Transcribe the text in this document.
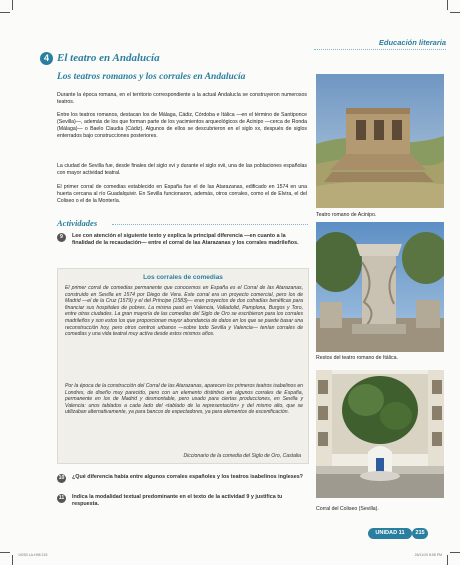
Educación literaria
4 El teatro en Andalucía
Los teatros romanos y los corrales en Andalucía

Durante la época romana, en el territorio correspondiente a la actual Andalucía se construyeron numerosos teatros.

Entre los teatros romanos, destacan los de Málaga, Cádiz, Córdoba e Itálica —en el término de Santiponce (Sevilla)—, además de los que forman parte de los yacimientos arqueológicos de Acinipo —cerca de Ronda (Málaga)— o Baelo Claudia (Cádiz). Algunos de ellos se descubrieron en el siglo xx, después de siglos enterrados bajo construcciones posteriores.

La ciudad de Sevilla fue, desde finales del siglo xvi y durante el siglo xvii, una de las poblaciones españolas con mayor actividad teatral.

El primer corral de comedias establecido en España fue el de las Atarazanas, edificado en 1574 en una huerta cercana al río Guadalquivir. En Sevilla funcionaron, además, otros corrales, como el de Elvira, el del Coliseo o el de la Montería.

Actividades
9	Lee con atención el siguiente texto y explica la principal diferencia —en cuanto a la finalidad de la recaudación— entre el corral de las Atarazanas y los corrales madrileños.

Los corrales de comedias

El primer corral de comedias permanente que conocemos en España es el Corral de las Atarazanas, construido en Sevilla en 1574 por Diego de Vera. Este corral era un proyecto comercial, pero los de Madrid —el de la Cruz (1579) y el del Príncipe (1583)— eran proyectos de dos cofradías benéficas para financiar sus hospitales de pobres. La misma pasó en Valencia, Valladolid, Pamplona, Burgos y Toro, entre otras ciudades. La gran mayoría de las comedias del Siglo de Oro se escribieron para los corrales madrileños y son estos los que proporcionan mayor abundancia de datos en los que se puede basar una reconstrucción hoy, pero otros centros urbanos —sobre todo Sevilla y Valencia— tenían corrales de comedias y una vida teatral muy activa desde estos mismos años.

Por la época de la construcción del Corral de las Atarazanas, aparecen los primeros teatros isabelinos en Londres, de diseño muy parecido, pero con un elemento distintivo en algunos corrales de España, permanente en los de Madrid y desmontable, pero usado para ciertas producciones, en Sevilla y Valencia: unos tablados a cada lado del «tablado de la representación» y del mismo alto, que se utilizaban alternativamente, ya para bancos de espectadores, ya para elementos de escenificación.

Diccionario de la comedia del Siglo de Oro, Castalia
10 ¿Qué diferencia había entre algunos corrales españoles y los teatros isabelinos ingleses?

11	Indica la modalidad textual predominante en el texto de la actividad 9 y justifica tu respuesta.

Teatro romano de Acinipo.
Restos del teatro romano de Itálica.
Corral del Coliseo (Sevilla).
UNIDAD 11	215
19253 LA-H98 215	26/11/20 8:58 PM
